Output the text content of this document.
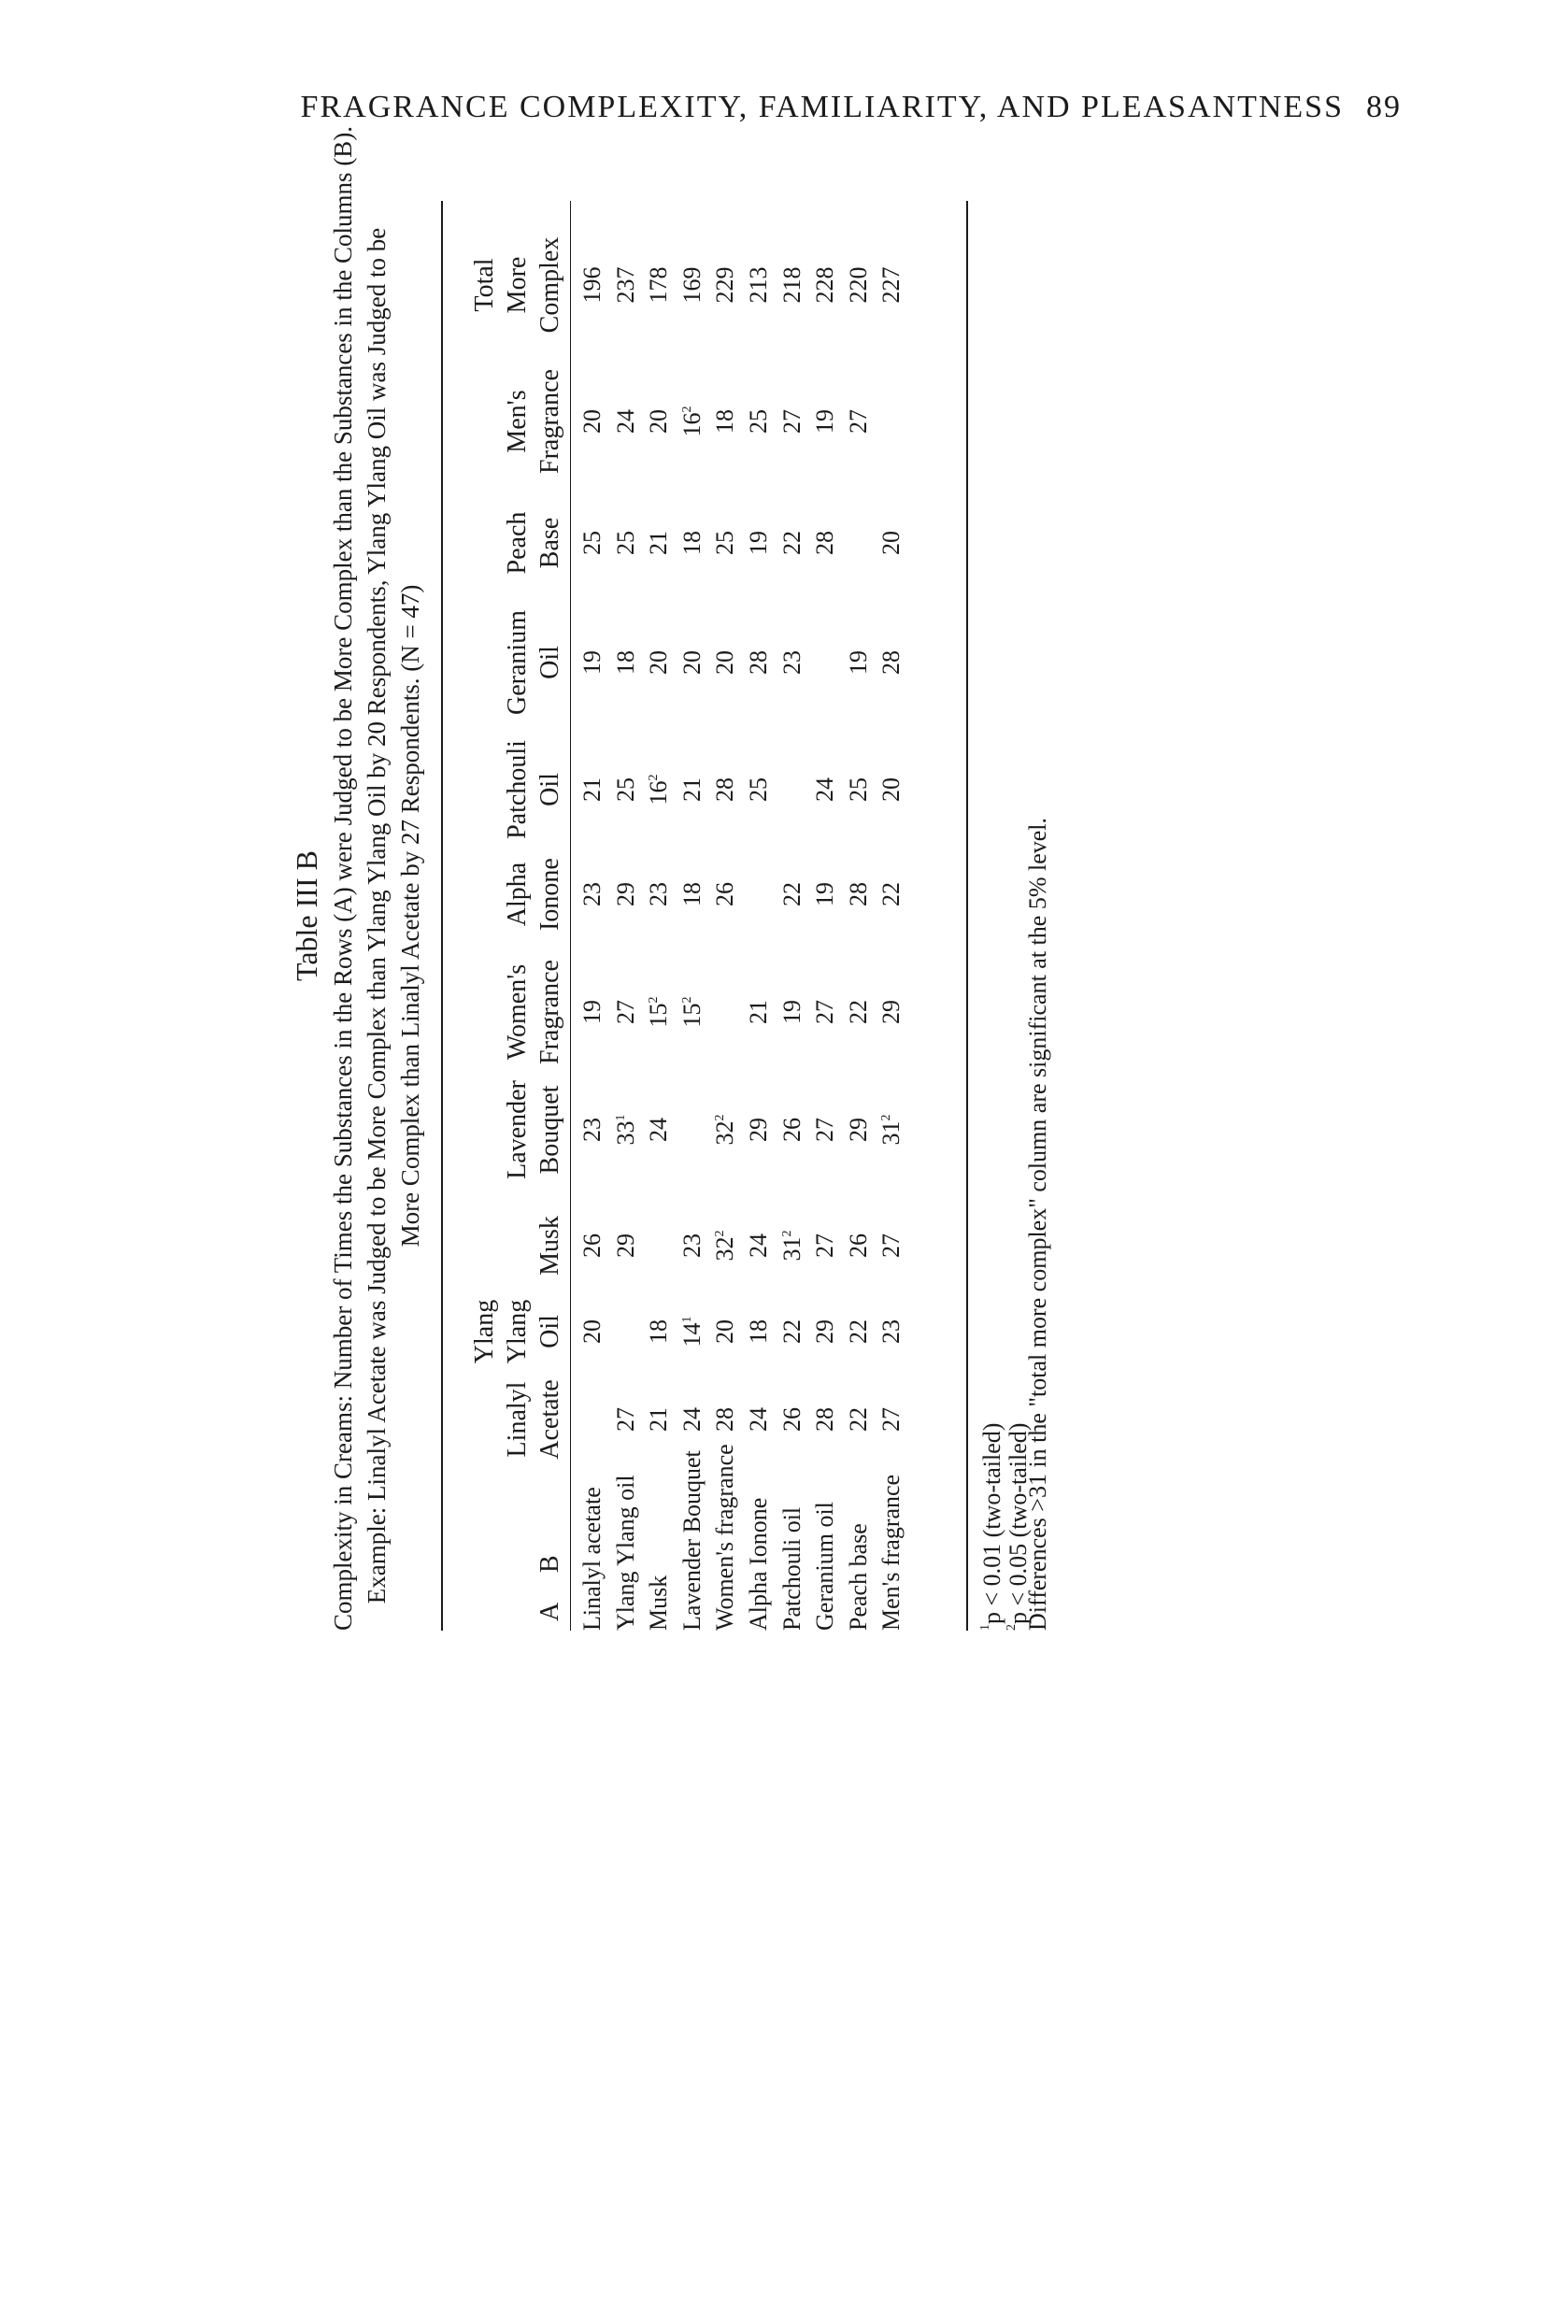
FRAGRANCE COMPLEXITY, FAMILIARITY, AND PLEASANTNESS 89
Table III B Complexity in Creams: Number of Times the Substances in the Rows (A) were Judged to be More Complex than the Substances in the Columns (B). Example: Linalyl Acetate was Judged to be More Complex than Ylang Ylang Oil by 20 Respondents, Ylang Ylang Oil was Judged to be More Complex than Linalyl Acetate by 27 Respondents. (N = 47)
A
B Linalyl acetate
20
26
23
19
23
21
19
25
20
196
Ylang Ylang oil
27
29
$33^1$
27
29
25
18
25
24
237
Musk
21
18
24
$15^2$
23
$16^2$
20
21
20
178
Lavender Bouquet
24
$14^1$
23
$15^2$
18
21
20
18
$16^2$
169
Women's fragrance
28
20
$32^2$
$32^2$
26
28
20
25
18
229
Alpha Ionone
24
18
24
29
21
25
28
19
25
213
Patchouli oil
26
22
$31^2$
26
19
22
23
22
27
218
Geranium oil
28
29
27
27
27
19
24
28
19
228
Peach base
22
22
26
29
22
28
25
19
27
220
Men's fragrance
27
23
27
$31^2$
29
22
20
28
20
227
$^1$p < 0.01 (two-tailed)
$^2$p < 0.05 (two-tailed)
Differences >31 in the "total more complex" column are significant at the 5% level.
Linalyl Acetate
Ylang Ylang Oil
Musk
Lavender Bouquet
Women's Fragrance
Alpha Ionone
Patchouli Oil
Geranium Oil
Peach Base
Men's Fragrance
Total More Complex
